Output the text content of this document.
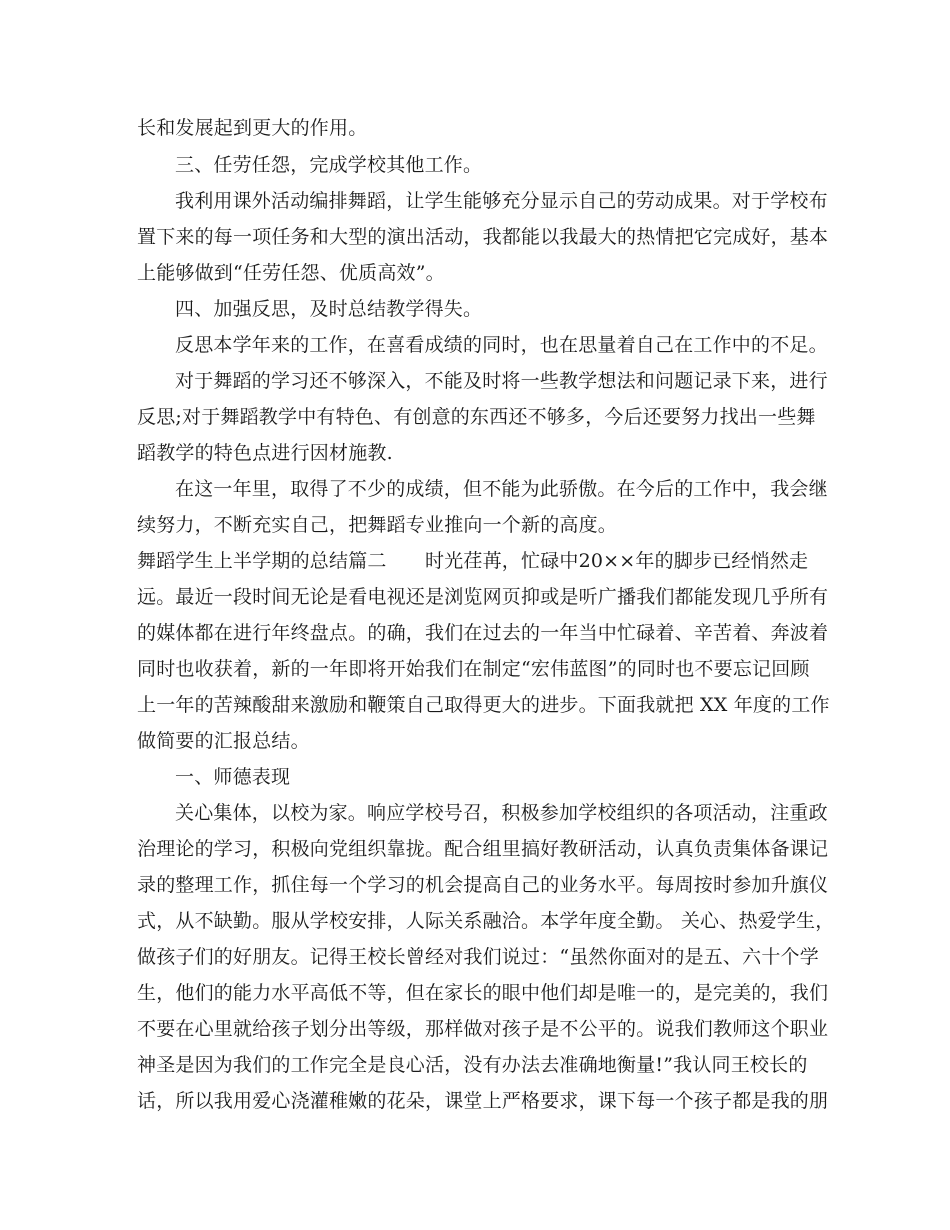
长和发展起到更大的作用。
三、任劳任怨，完成学校其他工作。
我利用课外活动编排舞蹈，让学生能够充分显示自己的劳动成果。对于学校布
置下来的每一项任务和大型的演出活动，我都能以我最大的热情把它完成好，基本
上能够做到“任劳任怨、优质高效”。
四、加强反思，及时总结教学得失。
反思本学年来的工作，在喜看成绩的同时，也在思量着自己在工作中的不足。
对于舞蹈的学习还不够深入，不能及时将一些教学想法和问题记录下来，进行
反思;对于舞蹈教学中有特色、有创意的东西还不够多，今后还要努力找出一些舞
蹈教学的特色点进行因材施教.
在这一年里，取得了不少的成绩，但不能为此骄傲。在今后的工作中，我会继
续努力，不断充实自己，把舞蹈专业推向一个新的高度。
舞蹈学生上半学期的总结篇二　　时光荏苒，忙碌中20××年的脚步已经悄然走
远。最近一段时间无论是看电视还是浏览网页抑或是听广播我们都能发现几乎所有
的媒体都在进行年终盘点。的确，我们在过去的一年当中忙碌着、辛苦着、奔波着
同时也收获着，新的一年即将开始我们在制定“宏伟蓝图”的同时也不要忘记回顾
上一年的苦辣酸甜来激励和鞭策自己取得更大的进步。下面我就把 XX 年度的工作
做简要的汇报总结。
一、师德表现
关心集体，以校为家。响应学校号召，积极参加学校组织的各项活动，注重政
治理论的学习，积极向党组织靠拢。配合组里搞好教研活动，认真负责集体备课记
录的整理工作，抓住每一个学习的机会提高自己的业务水平。每周按时参加升旗仪
式，从不缺勤。服从学校安排，人际关系融洽。本学年度全勤。 关心、热爱学生，
做孩子们的好朋友。记得王校长曾经对我们说过：“虽然你面对的是五、六十个学
生，他们的能力水平高低不等，但在家长的眼中他们却是唯一的，是完美的，我们
不要在心里就给孩子划分出等级，那样做对孩子是不公平的。说我们教师这个职业
神圣是因为我们的工作完全是良心活，没有办法去准确地衡量!”我认同王校长的
话，所以我用爱心浇灌稚嫩的花朵，课堂上严格要求，课下每一个孩子都是我的朋
